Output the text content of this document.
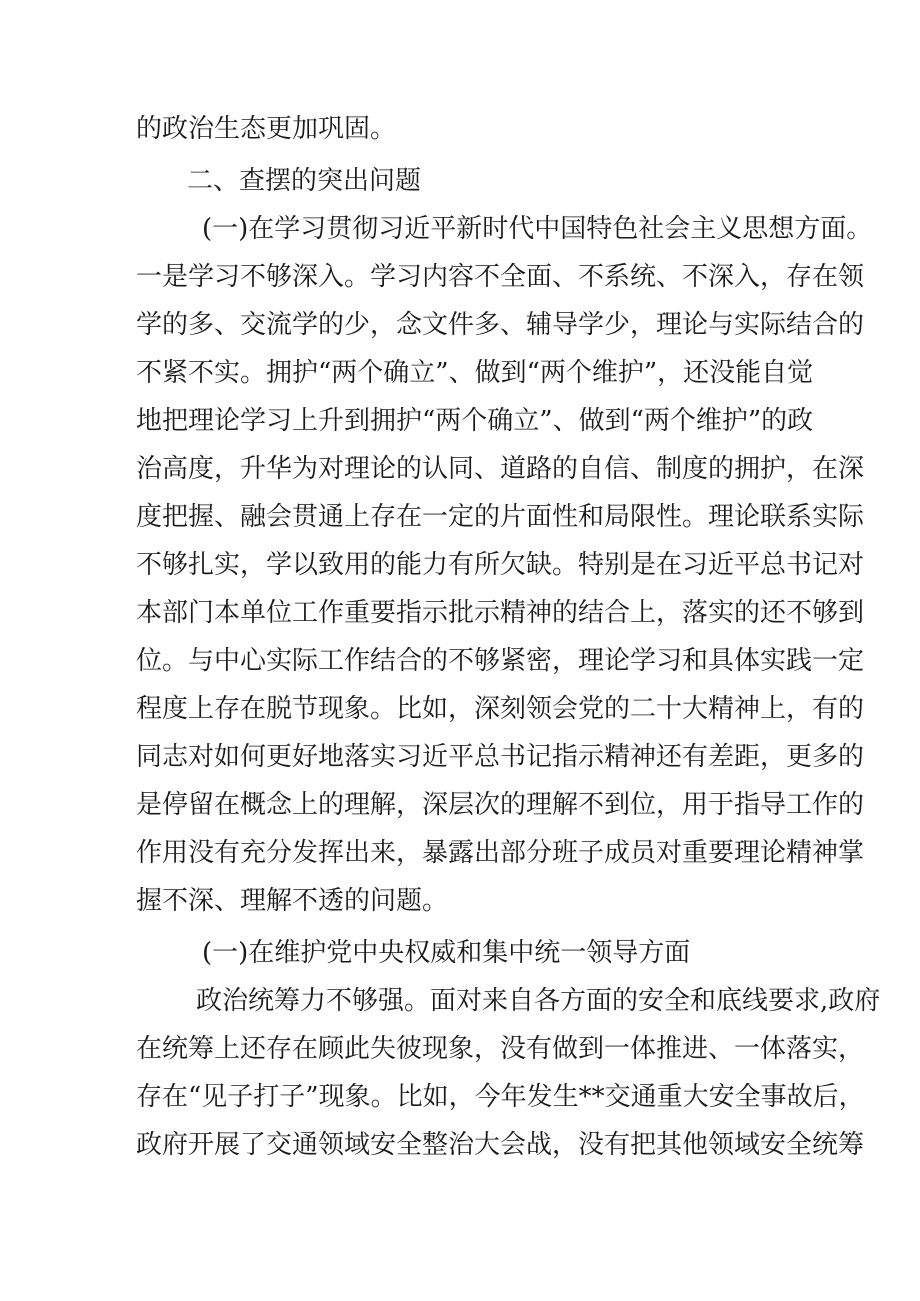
的政治生态更加巩固。
二、查摆的突出问题
(一)在学习贯彻习近平新时代中国特色社会主义思想方面。
一是学习不够深入。学习内容不全面、不系统、不深入，存在领
学的多、交流学的少，念文件多、辅导学少，理论与实际结合的
不紧不实。拥护“两个确立”、做到“两个维护”，还没能自觉
地把理论学习上升到拥护“两个确立”、做到“两个维护”的政
治高度，升华为对理论的认同、道路的自信、制度的拥护，在深
度把握、融会贯通上存在一定的片面性和局限性。理论联系实际
不够扎实，学以致用的能力有所欠缺。特别是在习近平总书记对
本部门本单位工作重要指示批示精神的结合上，落实的还不够到
位。与中心实际工作结合的不够紧密，理论学习和具体实践一定
程度上存在脱节现象。比如，深刻领会党的二十大精神上，有的
同志对如何更好地落实习近平总书记指示精神还有差距，更多的
是停留在概念上的理解，深层次的理解不到位，用于指导工作的
作用没有充分发挥出来，暴露出部分班子成员对重要理论精神掌
握不深、理解不透的问题。
(一)在维护党中央权威和集中统一领导方面
政治统筹力不够强。面对来自各方面的安全和底线要求,政府
在统筹上还存在顾此失彼现象，没有做到一体推进、一体落实，
存在“见子打子”现象。比如，今年发生**交通重大安全事故后，
政府开展了交通领域安全整治大会战，没有把其他领域安全统筹
